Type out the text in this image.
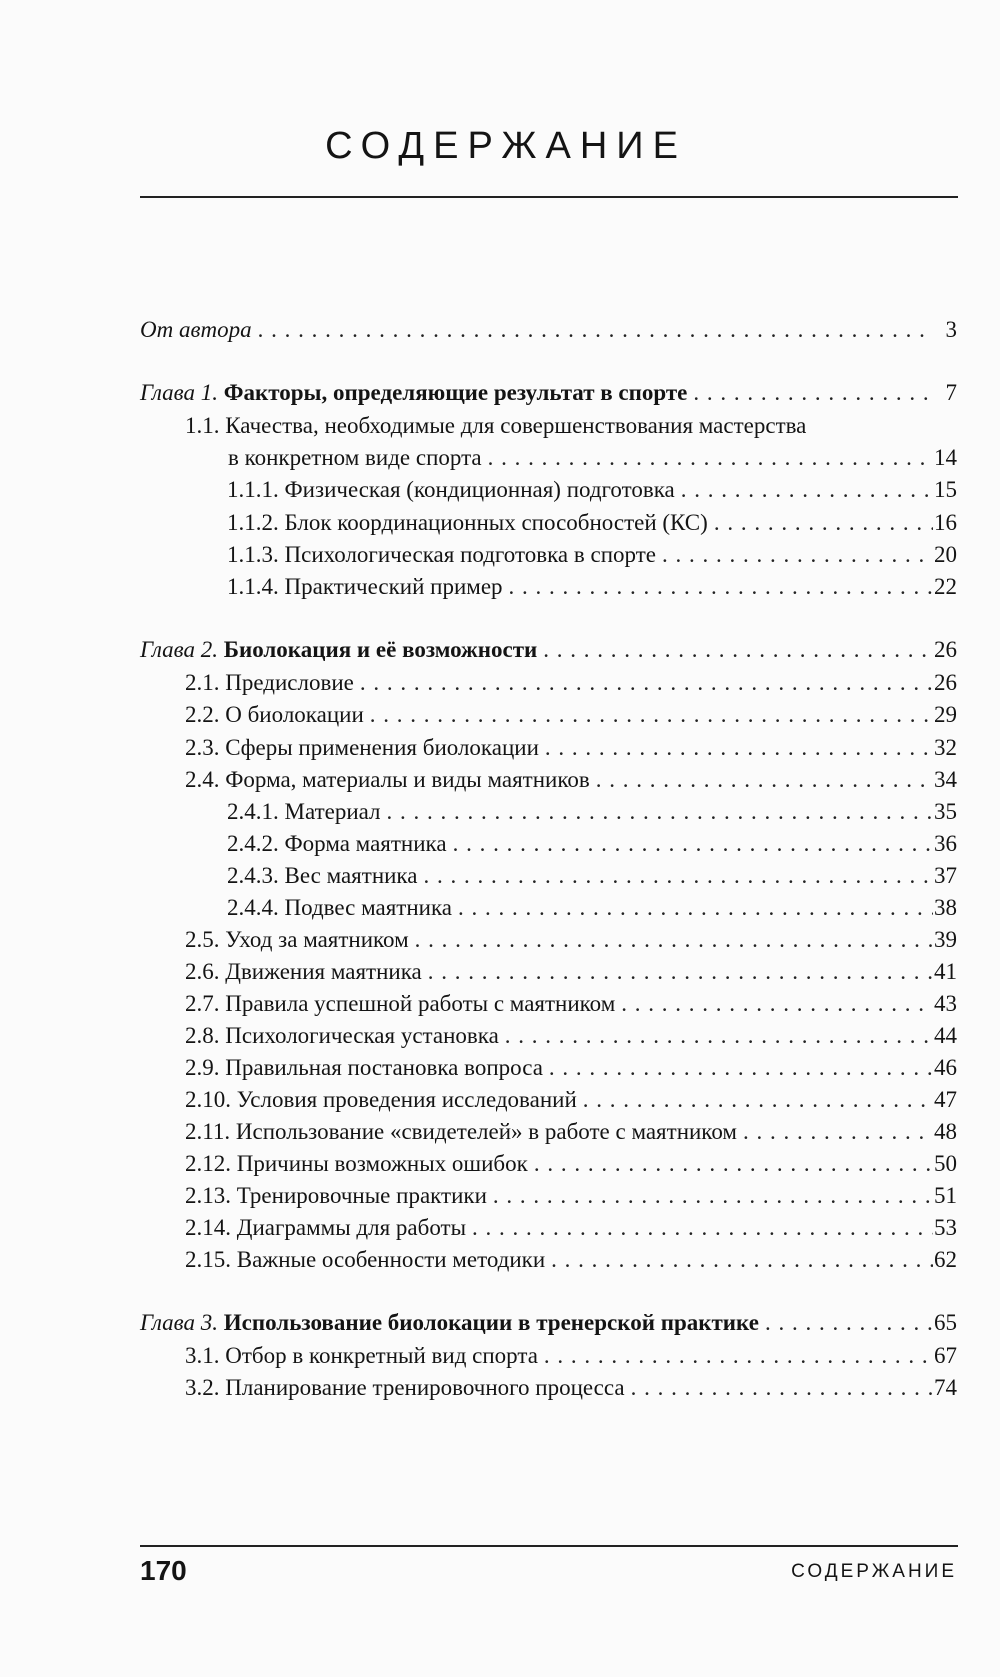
СОДЕРЖАНИЕ
От автора . . .	3
Глава 1. Факторы, определяющие результат в спорте . . .	7
1.1. Качества, необходимые для совершенствования мастерства
в конкретном виде спорта . . .	14
1.1.1. Физическая (кондиционная) подготовка . . .	15
1.1.2. Блок координационных способностей (КС) . . .	16
1.1.3. Психологическая подготовка в спорте . . .	20
1.1.4. Практический пример . . .	22
Глава 2. Биолокация и её возможности . . .	26
2.1. Предисловие . . .	26
2.2. О биолокации . . .	29
2.3. Сферы применения биолокации . . .	32
2.4. Форма, материалы и виды маятников . . .	34
2.4.1. Материал . . .	35
2.4.2. Форма маятника . . .	36
2.4.3. Вес маятника . . .	37
2.4.4. Подвес маятника . . .	38
2.5. Уход за маятником . . .	39
2.6. Движения маятника . . .	41
2.7. Правила успешной работы с маятником . . .	43
2.8. Психологическая установка . . .	44
2.9. Правильная постановка вопроса . . .	46
2.10. Условия проведения исследований . . .	47
2.11. Использование «свидетелей» в работе с маятником . . .	48
2.12. Причины возможных ошибок . . .	50
2.13. Тренировочные практики . . .	51
2.14. Диаграммы для работы . . .	53
2.15. Важные особенности методики . . .	62
Глава 3. Использование биолокации в тренерской практике . . .	65
3.1. Отбор в конкретный вид спорта . . .	67
3.2. Планирование тренировочного процесса . . .	74
170	СОДЕРЖАНИЕ
